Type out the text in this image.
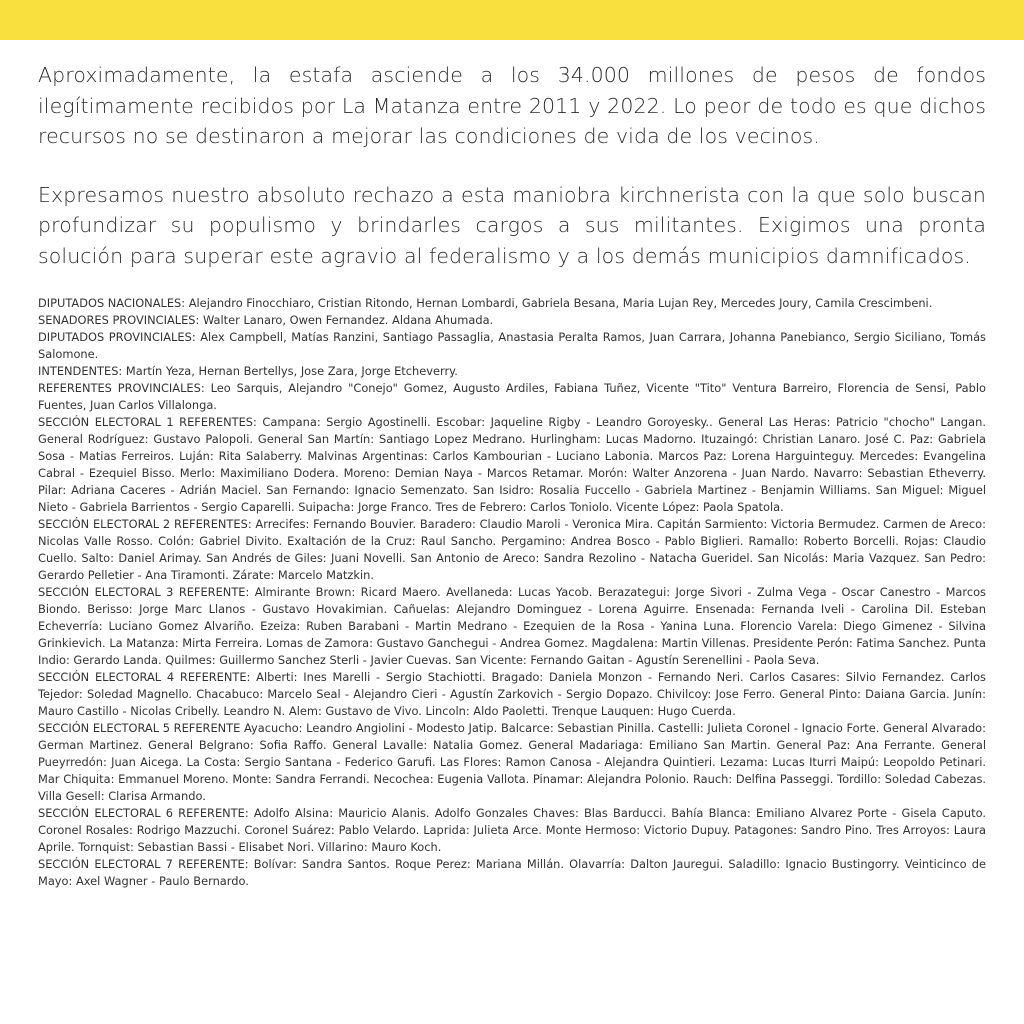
Aproximadamente, la estafa asciende a los 34.000 millones de pesos de fondos ilegítimamente recibidos por La Matanza entre 2011 y 2022. Lo peor de todo es que dichos recursos no se destinaron a mejorar las condiciones de vida de los vecinos.

Expresamos nuestro absoluto rechazo a esta maniobra kirchnerista con la que solo buscan profundizar su populismo y brindarles cargos a sus militantes. Exigimos una pronta solución para superar este agravio al federalismo y a los demás municipios damnificados.

DIPUTADOS NACIONALES: Alejandro Finocchiaro, Cristian Ritondo, Hernan Lombardi, Gabriela Besana, Maria Lujan Rey, Mercedes Joury, Camila Crescimbeni.

SENADORES PROVINCIALES: Walter Lanaro, Owen Fernandez. Aldana Ahumada.

DIPUTADOS PROVINCIALES: Alex Campbell, Matías Ranzini, Santiago Passaglia, Anastasia Peralta Ramos, Juan Carrara, Johanna Panebianco, Sergio Siciliano, Tomás Salomone.

INTENDENTES: Martín Yeza, Hernan Bertellys, Jose Zara, Jorge Etcheverry.

REFERENTES PROVINCIALES: Leo Sarquis, Alejandro "Conejo" Gomez, Augusto Ardiles, Fabiana Tuñez, Vicente "Tito" Ventura Barreiro, Florencia de Sensi, Pablo Fuentes, Juan Carlos Villalonga.

SECCIÓN ELECTORAL 1 REFERENTES: Campana: Sergio Agostinelli. Escobar: Jaqueline Rigby - Leandro Goroyesky.. General Las Heras: Patricio "chocho" Langan. General Rodríguez: Gustavo Palopoli. General San Martín: Santiago Lopez Medrano. Hurlingham: Lucas Madorno. Ituzaingó: Christian Lanaro. José C. Paz: Gabriela Sosa - Matias Ferreiros. Luján: Rita Salaberry. Malvinas Argentinas: Carlos Kambourian - Luciano Labonia. Marcos Paz: Lorena Harguinteguy. Mercedes: Evangelina Cabral - Ezequiel Bisso. Merlo: Maximiliano Dodera. Moreno: Demian Naya - Marcos Retamar. Morón: Walter Anzorena - Juan Nardo. Navarro: Sebastian Etheverry. Pilar: Adriana Caceres - Adrián Maciel. San Fernando: Ignacio Semenzato. San Isidro: Rosalia Fuccello - Gabriela Martinez - Benjamin Williams. San Miguel: Miguel Nieto - Gabriela Barrientos - Sergio Caparelli. Suipacha: Jorge Franco. Tres de Febrero: Carlos Toniolo. Vicente López: Paola Spatola.

SECCIÓN ELECTORAL 2 REFERENTES: Arrecifes: Fernando Bouvier. Baradero: Claudio Maroli - Veronica Mira. Capitán Sarmiento: Victoria Bermudez. Carmen de Areco: Nicolas Valle Rosso. Colón: Gabriel Divito. Exaltación de la Cruz: Raul Sancho. Pergamino: Andrea Bosco - Pablo Biglieri. Ramallo: Roberto Borcelli. Rojas: Claudio Cuello. Salto: Daniel Arimay. San Andrés de Giles: Juani Novelli. San Antonio de Areco: Sandra Rezolino - Natacha Gueridel. San Nicolás: Maria Vazquez. San Pedro: Gerardo Pelletier - Ana Tiramonti. Zárate: Marcelo Matzkin.

SECCIÓN ELECTORAL 3 REFERENTE: Almirante Brown: Ricard Maero. Avellaneda: Lucas Yacob. Berazategui: Jorge Sivori - Zulma Vega - Oscar Canestro - Marcos Biondo. Berisso: Jorge Marc Llanos - Gustavo Hovakimian. Cañuelas: Alejandro Dominguez - Lorena Aguirre. Ensenada: Fernanda Iveli - Carolina Dil. Esteban Echeverría: Luciano Gomez Alvariño. Ezeiza: Ruben Barabani - Martin Medrano - Ezequien de la Rosa - Yanina Luna. Florencio Varela: Diego Gimenez - Silvina Grinkievich. La Matanza: Mirta Ferreira. Lomas de Zamora: Gustavo Ganchegui - Andrea Gomez. Magdalena: Martin Villenas. Presidente Perón: Fatima Sanchez. Punta Indio: Gerardo Landa. Quilmes: Guillermo Sanchez Sterli - Javier Cuevas. San Vicente: Fernando Gaitan - Agustín Serenellini - Paola Seva.

SECCIÓN ELECTORAL 4 REFERENTE: Alberti: Ines Marelli - Sergio Stachiotti. Bragado: Daniela Monzon - Fernando Neri. Carlos Casares: Silvio Fernandez. Carlos Tejedor: Soledad Magnello. Chacabuco: Marcelo Seal - Alejandro Cieri - Agustín Zarkovich - Sergio Dopazo. Chivilcoy: Jose Ferro. General Pinto: Daiana Garcia. Junín: Mauro Castillo - Nicolas Cribelly. Leandro N. Alem: Gustavo de Vivo. Lincoln: Aldo Paoletti. Trenque Lauquen: Hugo Cuerda.

SECCIÓN ELECTORAL 5 REFERENTE Ayacucho: Leandro Angiolini - Modesto Jatip. Balcarce: Sebastian Pinilla. Castelli: Julieta Coronel - Ignacio Forte. General Alvarado: German Martinez. General Belgrano: Sofia Raffo. General Lavalle: Natalia Gomez. General Madariaga: Emiliano San Martin. General Paz: Ana Ferrante. General Pueyrredón: Juan Aicega. La Costa: Sergio Santana - Federico Garufi. Las Flores: Ramon Canosa - Alejandra Quintieri. Lezama: Lucas Iturri Maipú: Leopoldo Petinari. Mar Chiquita: Emmanuel Moreno. Monte: Sandra Ferrandi. Necochea: Eugenia Vallota. Pinamar: Alejandra Polonio. Rauch: Delfina Passeggi. Tordillo: Soledad Cabezas. Villa Gesell: Clarisa Armando.

SECCIÓN ELECTORAL 6 REFERENTE: Adolfo Alsina: Mauricio Alanis. Adolfo Gonzales Chaves: Blas Barducci. Bahía Blanca: Emiliano Alvarez Porte - Gisela Caputo. Coronel Rosales: Rodrigo Mazzuchi. Coronel Suárez: Pablo Velardo. Laprida: Julieta Arce. Monte Hermoso: Victorio Dupuy. Patagones: Sandro Pino. Tres Arroyos: Laura Aprile. Tornquist: Sebastian Bassi - Elisabet Nori. Villarino: Mauro Koch.

SECCIÓN ELECTORAL 7 REFERENTE: Bolívar: Sandra Santos. Roque Perez: Mariana Millán. Olavarría: Dalton Jauregui. Saladillo: Ignacio Bustingorry. Veinticinco de Mayo: Axel Wagner - Paulo Bernardo.
